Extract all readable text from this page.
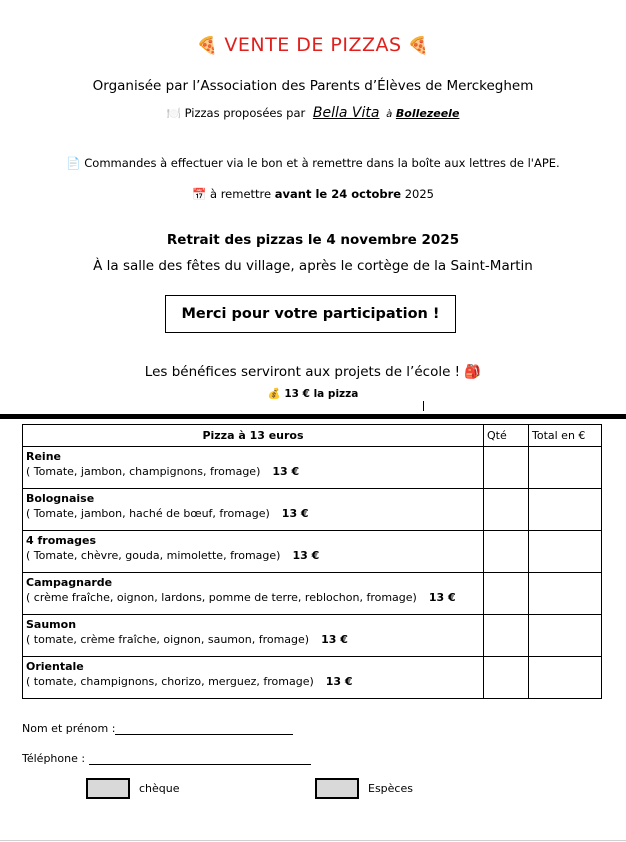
🍕 VENTE DE PIZZAS 🍕
Organisée par l’Association des Parents d’Élèves de Merckeghem
🍽️ Pizzas proposées par Bella Vita à Bollezeele
📄 Commandes à effectuer via le bon et à remettre dans la boîte aux lettres de l'APE.
📅 à remettre avant le 24 octobre 2025
Retrait des pizzas le 4 novembre 2025
À la salle des fêtes du village, après le cortège de la Saint-Martin
Merci pour votre participation !
Les bénéfices serviront aux projets de l’école ! 🎒
💰 13 € la pizza
Pizza à 13 euros	Qté	Total en €

Reine
( Tomate, jambon, champignons, fromage) 13 €		

Bolognaise
( Tomate, jambon, haché de bœuf, fromage) 13 €		

4 fromages
( Tomate, chèvre, gouda, mimolette, fromage) 13 €		

Campagnarde
( crème fraîche, oignon, lardons, pomme de terre, reblochon, fromage) 13 €		

Saumon
( tomate, crème fraîche, oignon, saumon, fromage) 13 €		

Orientale
( tomate, champignons, chorizo, merguez, fromage) 13 €		

Nom et prénom :
Téléphone :
chèque	Espèces
